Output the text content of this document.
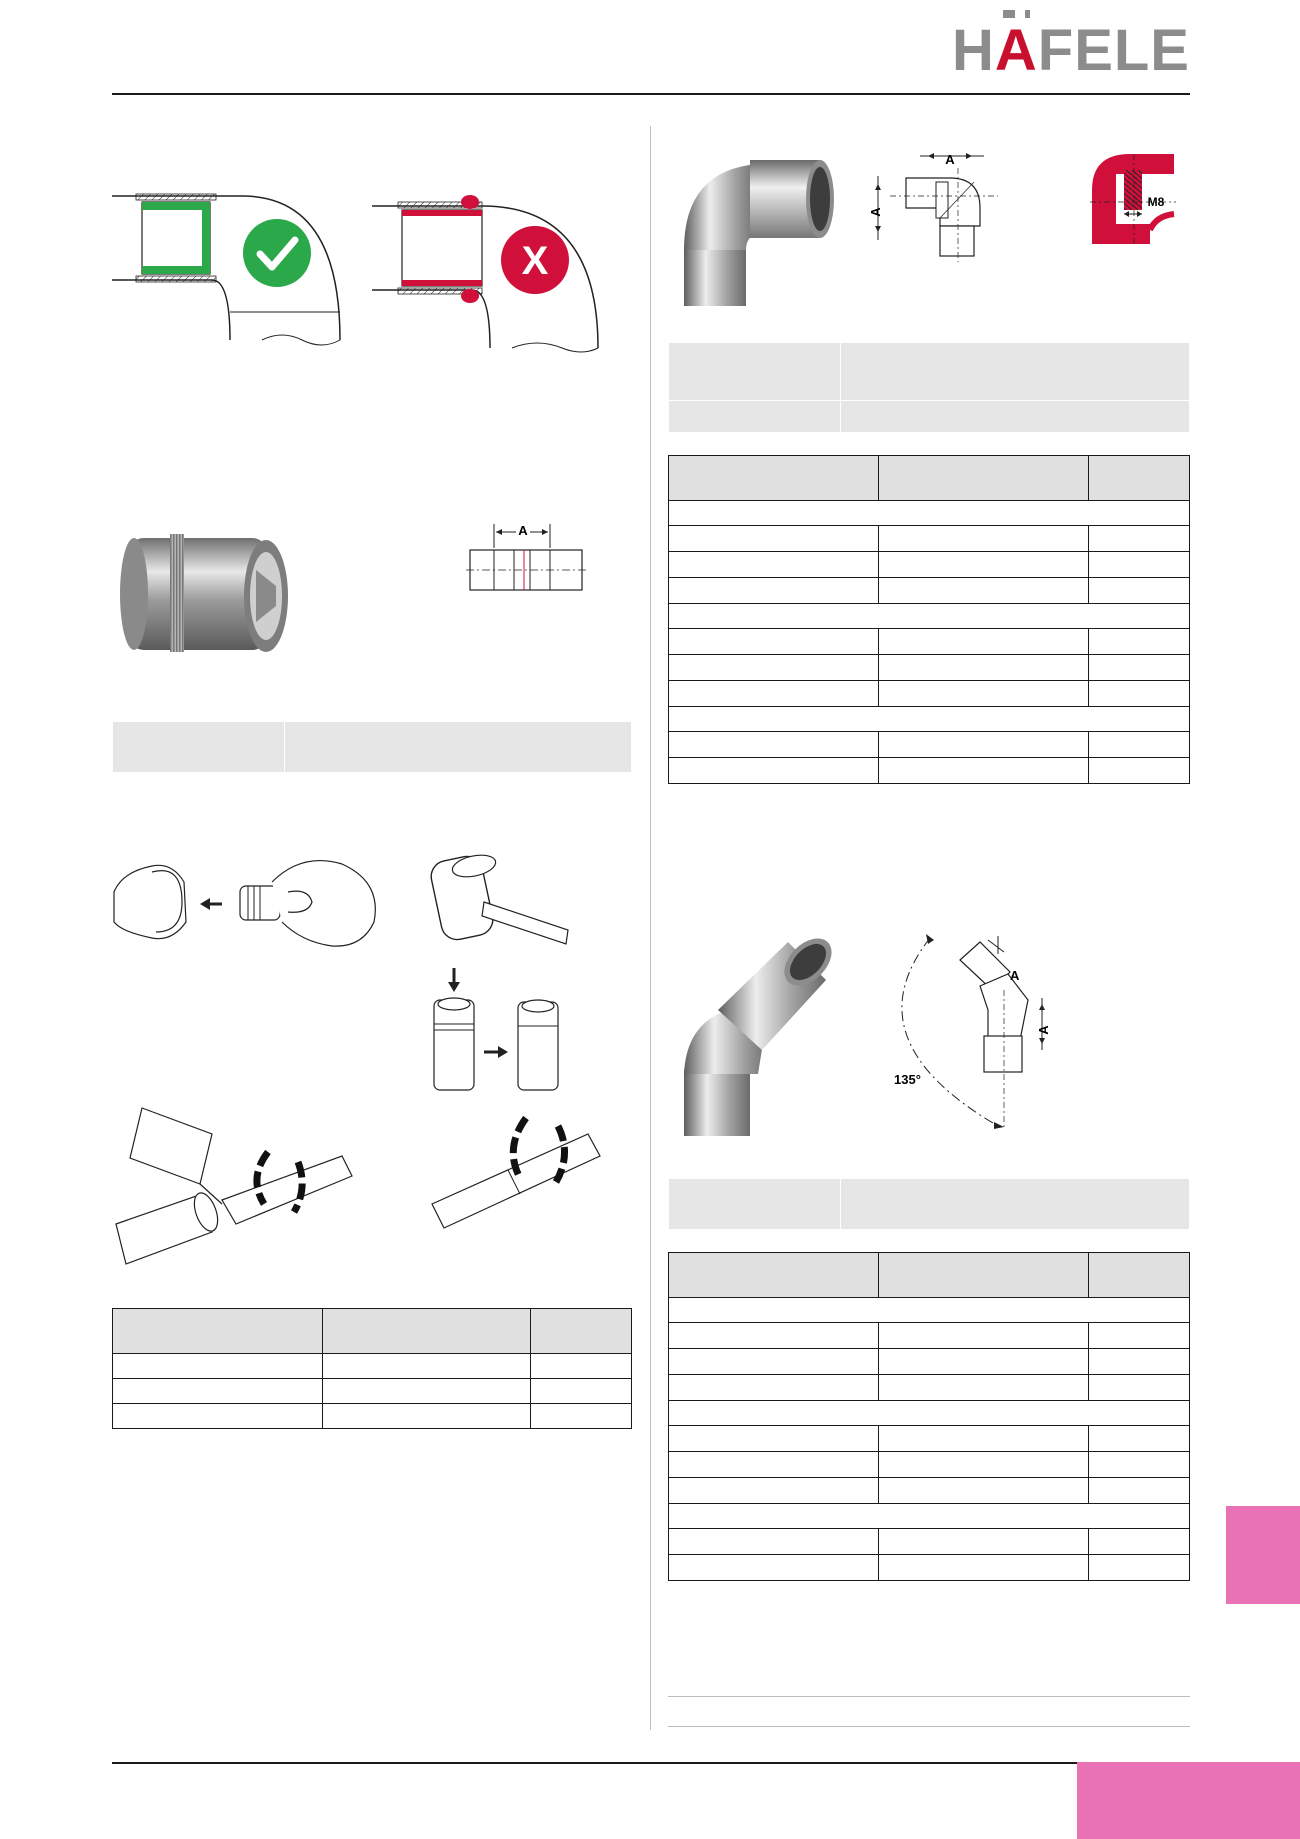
HAFELE
X
A

A
A
M8

135°
A
A
